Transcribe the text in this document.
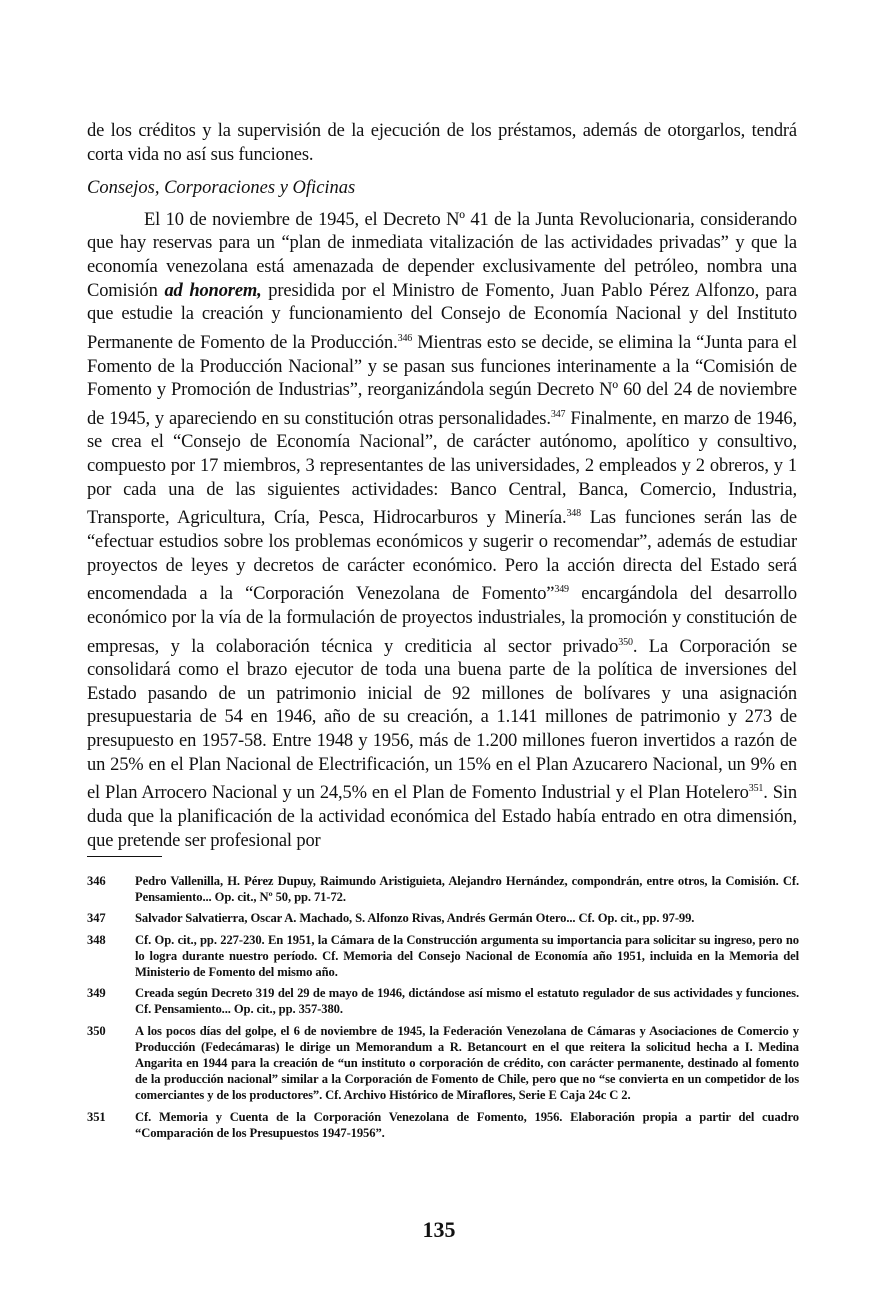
de los créditos y la supervisión de la ejecución de los préstamos, además de otorgarlos, tendrá corta vida no así sus funciones.

Consejos, Corporaciones y Oficinas

El 10 de noviembre de 1945, el Decreto Nº 41 de la Junta Revolucionaria, considerando que hay reservas para un “plan de inmediata vitalización de las actividades privadas” y que la economía venezolana está amenazada de depender exclusivamente del petróleo, nombra una Comisión ad honorem, presidida por el Ministro de Fomento, Juan Pablo Pérez Alfonzo, para que estudie la creación y funcionamiento del Consejo de Economía Nacional y del Instituto Permanente de Fomento de la Producción.$^{346}$ Mientras esto se decide, se elimina la “Junta para el Fomento de la Producción Nacional” y se pasan sus funciones interinamente a la “Comisión de Fomento y Promoción de Industrias”, reorganizándola según Decreto Nº 60 del 24 de noviembre de 1945, y apareciendo en su constitución otras personalidades.$^{347}$ Finalmente, en marzo de 1946, se crea el “Consejo de Economía Nacional”, de carácter autónomo, apolítico y consultivo, compuesto por 17 miembros, 3 representantes de las universidades, 2 empleados y 2 obreros, y 1 por cada una de las siguientes actividades: Banco Central, Banca, Comercio, Industria, Transporte, Agricultura, Cría, Pesca, Hidrocarburos y Minería.$^{348}$ Las funciones serán las de “efectuar estudios sobre los problemas económicos y sugerir o recomendar”, además de estudiar proyectos de leyes y decretos de carácter económico. Pero la acción directa del Estado será encomendada a la “Corporación Venezolana de Fomento”$^{349}$ encargándola del desarrollo económico por la vía de la formulación de proyectos industriales, la promoción y constitución de empresas, y la colaboración técnica y crediticia al sector privado$^{350}$. La Corporación se consolidará como el brazo ejecutor de toda una buena parte de la política de inversiones del Estado pasando de un patrimonio inicial de 92 millones de bolívares y una asignación presupuestaria de 54 en 1946, año de su creación, a 1.141 millones de patrimonio y 273 de presupuesto en 1957-58. Entre 1948 y 1956, más de 1.200 millones fueron invertidos a razón de un 25% en el Plan Nacional de Electrificación, un 15% en el Plan Azucarero Nacional, un 9% en el Plan Arrocero Nacional y un 24,5% en el Plan de Fomento Industrial y el Plan Hotelero$^{351}$. Sin duda que la planificación de la actividad económica del Estado había entrado en otra dimensión, que pretende ser profesional por

346	Pedro Vallenilla, H. Pérez Dupuy, Raimundo Aristiguieta, Alejandro Hernández, compondrán, entre otros, la Comisión. Cf. Pensamiento... Op. cit., Nº 50, pp. 71-72.
347	Salvador Salvatierra, Oscar A. Machado, S. Alfonzo Rivas, Andrés Germán Otero... Cf. Op. cit., pp. 97-99.
348	Cf. Op. cit., pp. 227-230. En 1951, la Cámara de la Construcción argumenta su importancia para solicitar su ingreso, pero no lo logra durante nuestro período. Cf. Memoria del Consejo Nacional de Economía año 1951, incluida en la Memoria del Ministerio de Fomento del mismo año.
349	Creada según Decreto 319 del 29 de mayo de 1946, dictándose así mismo el estatuto regulador de sus actividades y funciones. Cf. Pensamiento... Op. cit., pp. 357-380.
350	A los pocos días del golpe, el 6 de noviembre de 1945, la Federación Venezolana de Cámaras y Asociaciones de Comercio y Producción (Fedecámaras) le dirige un Memorandum a R. Betancourt en el que reitera la solicitud hecha a I. Medina Angarita en 1944 para la creación de “un instituto o corporación de crédito, con carácter permanente, destinado al fomento de la producción nacional” similar a la Corporación de Fomento de Chile, pero que no “se convierta en un competidor de los comerciantes y de los productores”. Cf. Archivo Histórico de Miraflores, Serie E Caja 24c C 2.
351	Cf. Memoria y Cuenta de la Corporación Venezolana de Fomento, 1956. Elaboración propia a partir del cuadro “Comparación de los Presupuestos 1947-1956”.
135
